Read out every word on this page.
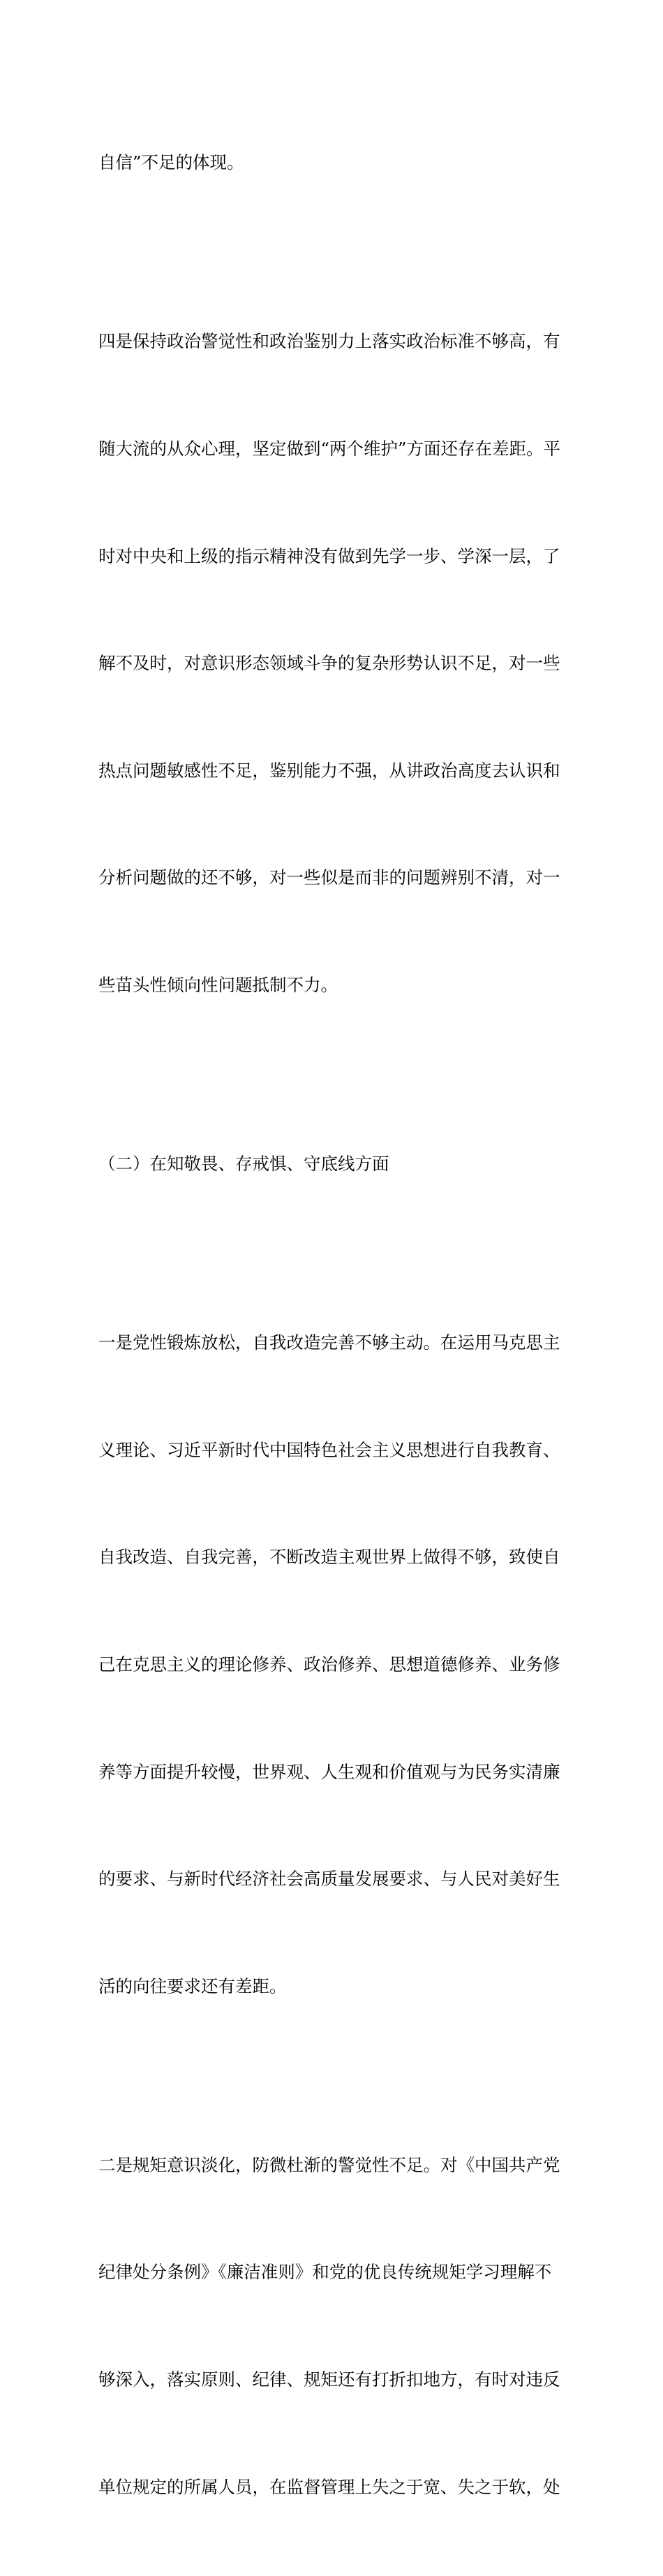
自信”不足的体现。

四是保持政治警觉性和政治鉴别力上落实政治标准不够高，有

随大流的从众心理，坚定做到“两个维护”方面还存在差距。平

时对中央和上级的指示精神没有做到先学一步、学深一层，了

解不及时，对意识形态领域斗争的复杂形势认识不足，对一些

热点问题敏感性不足，鉴别能力不强，从讲政治高度去认识和

分析问题做的还不够，对一些似是而非的问题辨别不清，对一

些苗头性倾向性问题抵制不力。

（二）在知敬畏、存戒惧、守底线方面

一是党性锻炼放松，自我改造完善不够主动。在运用马克思主

义理论、习近平新时代中国特色社会主义思想进行自我教育、

自我改造、自我完善，不断改造主观世界上做得不够，致使自

己在克思主义的理论修养、政治修养、思想道德修养、业务修

养等方面提升较慢，世界观、人生观和价值观与为民务实清廉

的要求、与新时代经济社会高质量发展要求、与人民对美好生

活的向往要求还有差距。

二是规矩意识淡化，防微杜渐的警觉性不足。对《中国共产党

纪律处分条例》《廉洁准则》和党的优良传统规矩学习理解不

够深入，落实原则、纪律、规矩还有打折扣地方，有时对违反

单位规定的所属人员，在监督管理上失之于宽、失之于软，处
